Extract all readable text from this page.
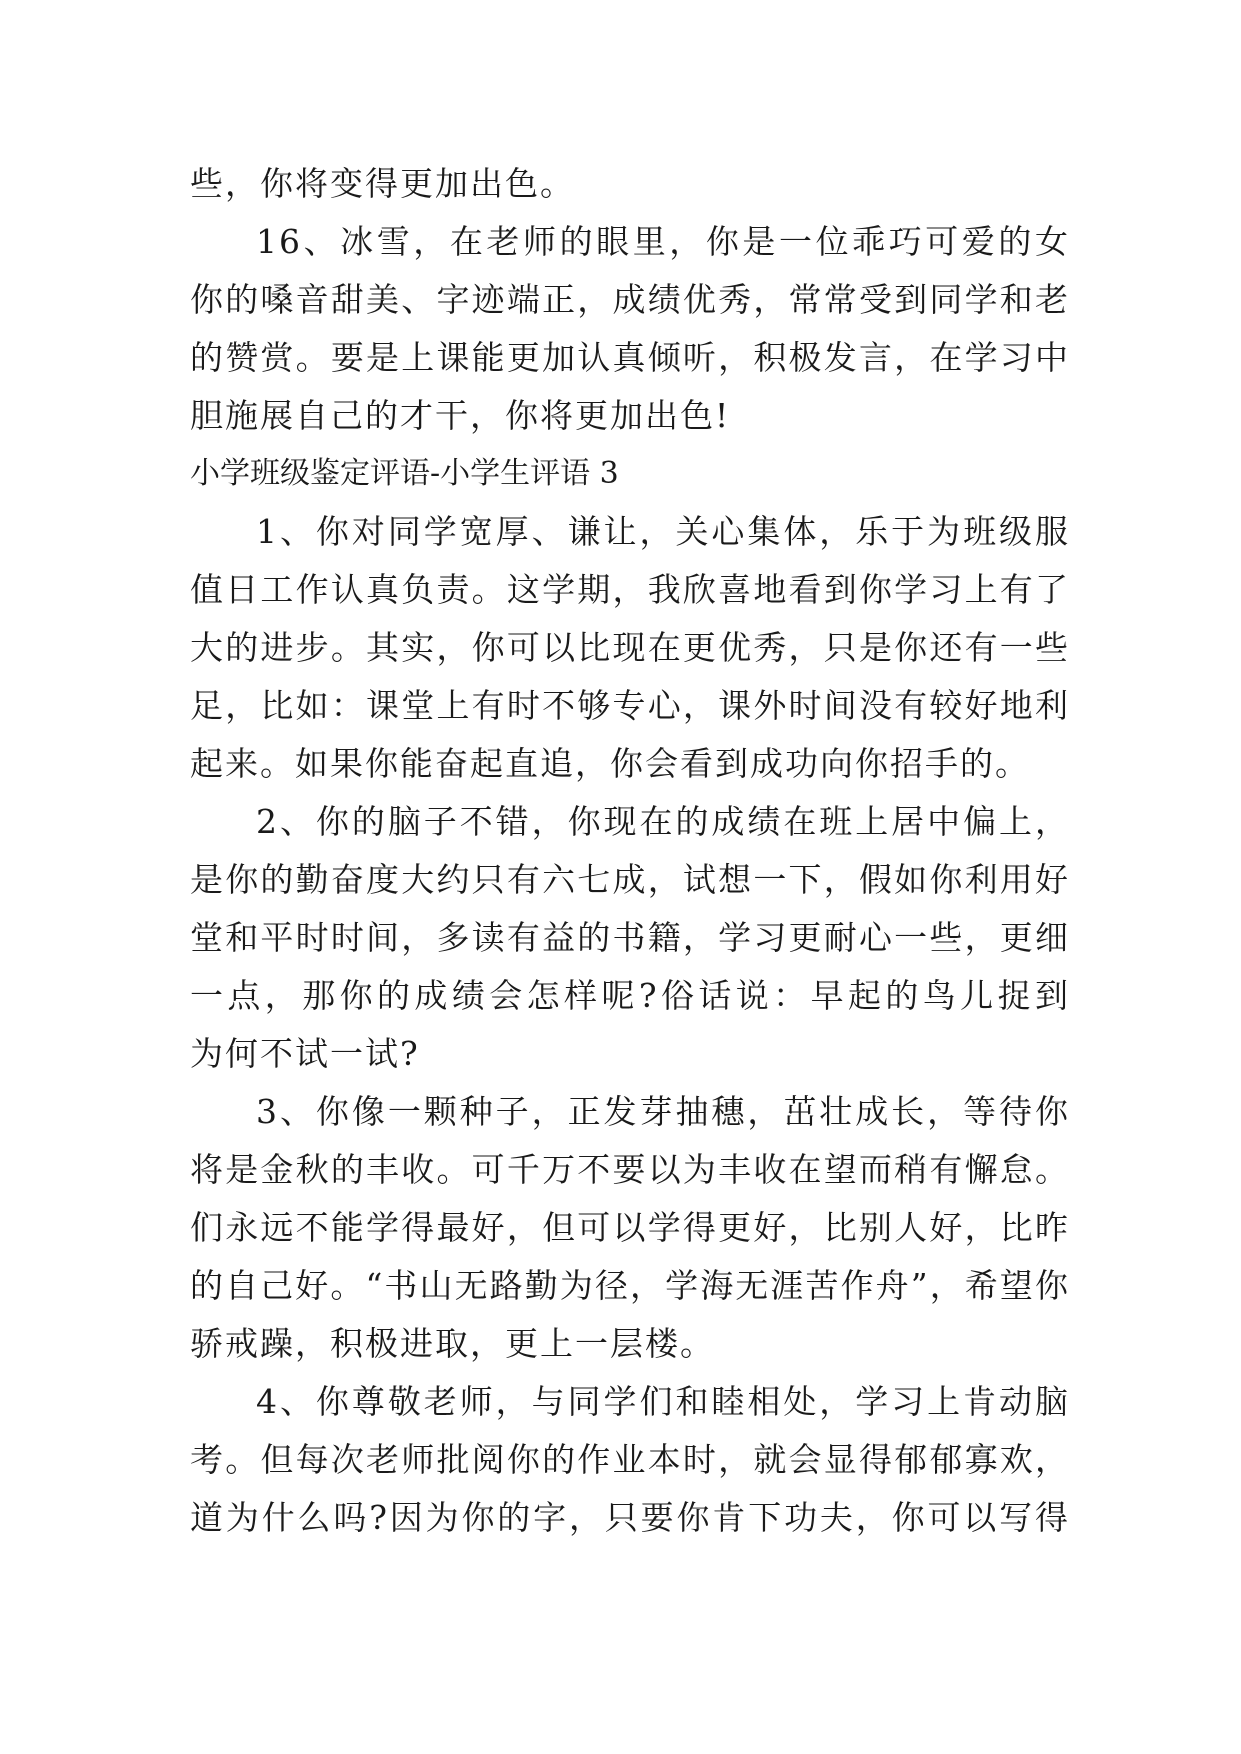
些，你将变得更加出色。
16、冰雪，在老师的眼里，你是一位乖巧可爱的女
你的嗓音甜美、字迹端正，成绩优秀，常常受到同学和老
的赞赏。要是上课能更加认真倾听，积极发言，在学习中
胆施展自己的才干，你将更加出色!
小学班级鉴定评语-小学生评语 3
1、你对同学宽厚、谦让，关心集体，乐于为班级服
值日工作认真负责。这学期，我欣喜地看到你学习上有了
大的进步。其实，你可以比现在更优秀，只是你还有一些
足，比如：课堂上有时不够专心，课外时间没有较好地利
起来。如果你能奋起直追，你会看到成功向你招手的。
2、你的脑子不错，你现在的成绩在班上居中偏上，
是你的勤奋度大约只有六七成，试想一下，假如你利用好
堂和平时时间，多读有益的书籍，学习更耐心一些，更细
一点，那你的成绩会怎样呢?俗话说：早起的鸟儿捉到
为何不试一试?
3、你像一颗种子，正发芽抽穗，茁壮成长，等待你
将是金秋的丰收。可千万不要以为丰收在望而稍有懈怠。
们永远不能学得最好，但可以学得更好，比别人好，比昨
的自己好。“书山无路勤为径，学海无涯苦作舟”，希望你
骄戒躁，积极进取，更上一层楼。
4、你尊敬老师，与同学们和睦相处，学习上肯动脑
考。但每次老师批阅你的作业本时，就会显得郁郁寡欢，
道为什么吗?因为你的字，只要你肯下功夫，你可以写得
